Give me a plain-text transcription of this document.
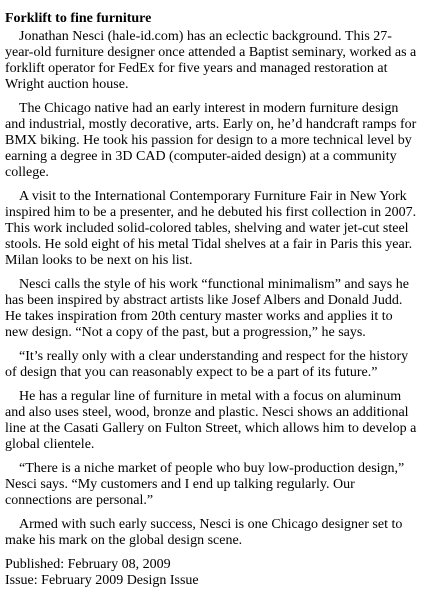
Forklift to fine furniture

Jonathan Nesci (hale-id.com) has an eclectic background. This 27-year-old furniture designer once attended a Baptist seminary, worked as a forklift operator for FedEx for five years and managed restoration at Wright auction house.

The Chicago native had an early interest in modern furniture design and industrial, mostly decorative, arts. Early on, he’d handcraft ramps for BMX biking. He took his passion for design to a more technical level by earning a degree in 3D CAD (computer-aided design) at a community college.

A visit to the International Contemporary Furniture Fair in New York inspired him to be a presenter, and he debuted his first collection in 2007. This work included solid-colored tables, shelving and water jet-cut steel stools. He sold eight of his metal Tidal shelves at a fair in Paris this year. Milan looks to be next on his list.

Nesci calls the style of his work “functional minimalism” and says he has been inspired by abstract artists like Josef Albers and Donald Judd. He takes inspiration from 20th century master works and applies it to new design. “Not a copy of the past, but a progression,” he says.

“It’s really only with a clear understanding and respect for the history of design that you can reasonably expect to be a part of its future.”

He has a regular line of furniture in metal with a focus on aluminum and also uses steel, wood, bronze and plastic. Nesci shows an additional line at the Casati Gallery on Fulton Street, which allows him to develop a global clientele.

“There is a niche market of people who buy low-production design,” Nesci says. “My customers and I end up talking regularly. Our connections are personal.”

Armed with such early success, Nesci is one Chicago designer set to make his mark on the global design scene.

Published: February 08, 2009

Issue: February 2009 Design Issue
